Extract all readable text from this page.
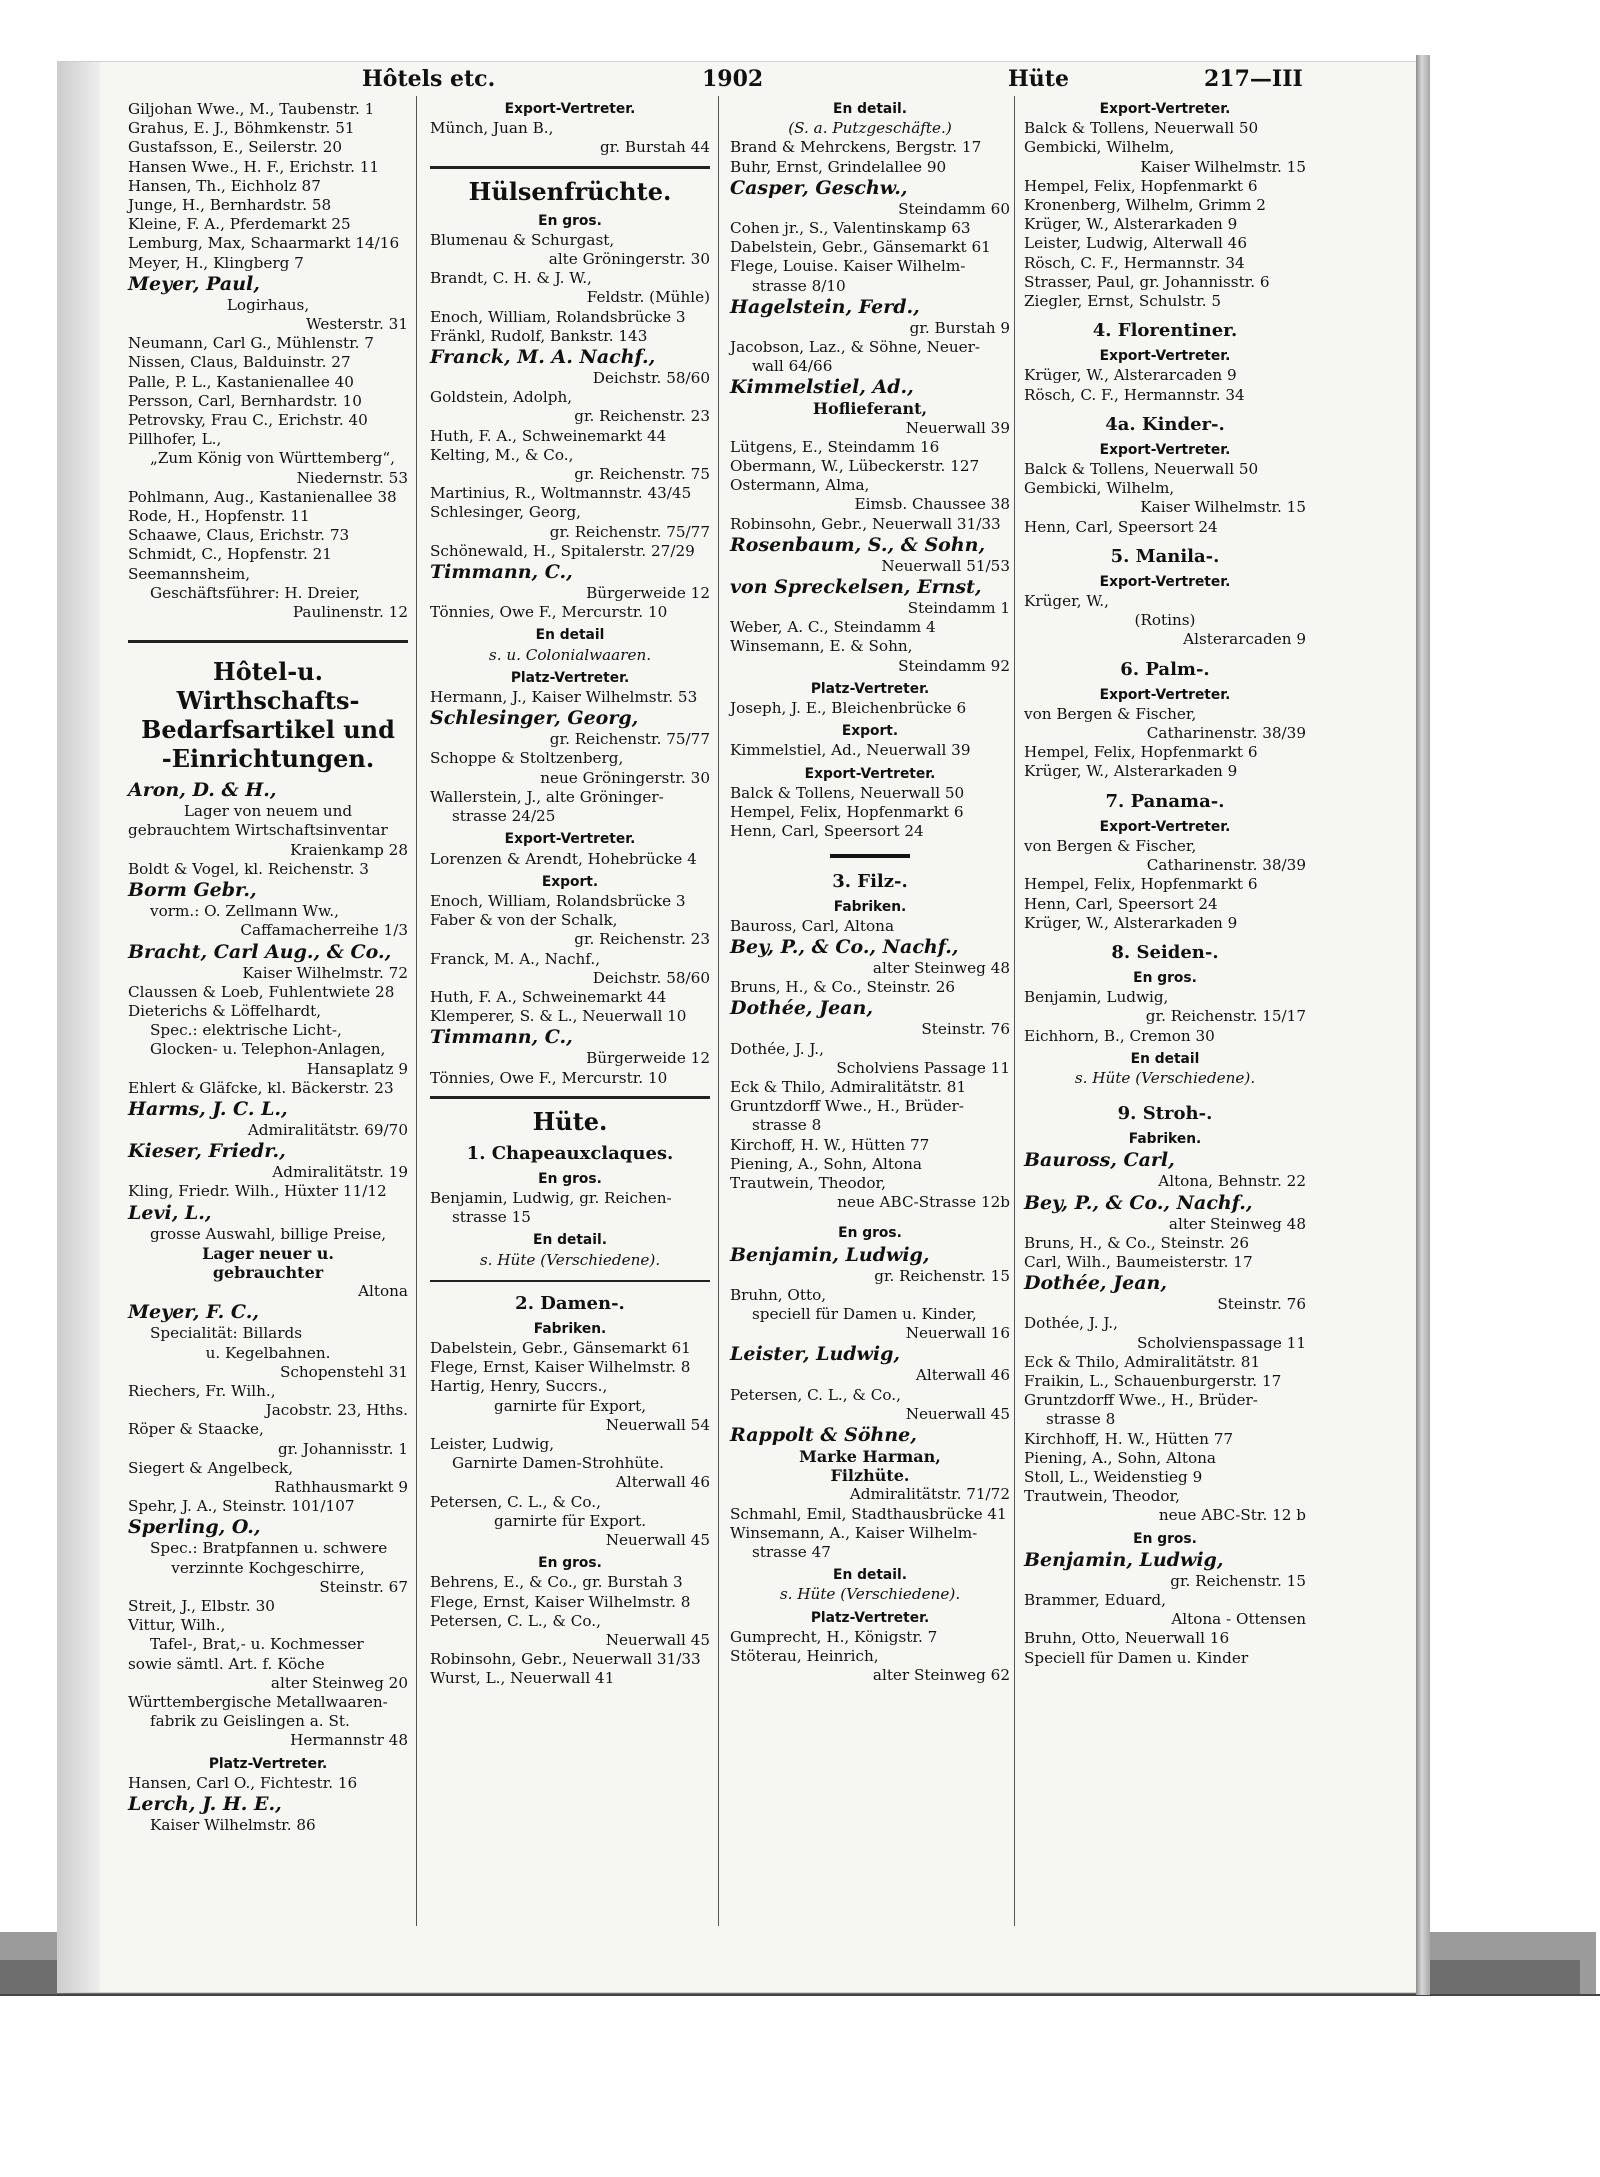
Hôtels etc.	1902	Hüte	217—III
Giljohan Wwe., M., Taubenstr. 1
Grahus, E. J., Böhmkenstr. 51
Gustafsson, E., Seilerstr. 20
Hansen Wwe., H. F., Erichstr. 11
Hansen, Th., Eichholz 87
Junge, H., Bernhardstr. 58
Kleine, F. A., Pferdemarkt 25
Lemburg, Max, Schaarmarkt 14/16
Meyer, H., Klingberg 7
Meyer, Paul,
Logirhaus,
Westerstr. 31
Neumann, Carl G., Mühlenstr. 7
Nissen, Claus, Balduinstr. 27
Palle, P. L., Kastanienallee 40
Persson, Carl, Bernhardstr. 10
Petrovsky, Frau C., Erichstr. 40
Pillhofer, L.,
„Zum König von Württemberg“,
Niedernstr. 53
Pohlmann, Aug., Kastanienallee 38
Rode, H., Hopfenstr. 11
Schaawe, Claus, Erichstr. 73
Schmidt, C., Hopfenstr. 21
Seemannsheim,
Geschäftsführer: H. Dreier,
Paulinenstr. 12
Hôtel-u. Wirthschafts-
Bedarfsartikel und
-Einrichtungen.
Aron, D. & H.,
Lager von neuem und
gebrauchtem Wirtschaftsinventar
Kraienkamp 28
Boldt & Vogel, kl. Reichenstr. 3
Borm Gebr.,
vorm.: O. Zellmann Ww.,
Caffamacherreihe 1/3
Bracht, Carl Aug., & Co.,
Kaiser Wilhelmstr. 72
Claussen & Loeb, Fuhlentwiete 28
Dieterichs & Löffelhardt,
Spec.: elektrische Licht-,
Glocken- u. Telephon-Anlagen,
Hansaplatz 9
Ehlert & Gläfcke, kl. Bäckerstr. 23
Harms, J. C. L.,
Admiralitätstr. 69/70
Kieser, Friedr.,
Admiralitätstr. 19
Kling, Friedr. Wilh., Hüxter 11/12
Levi, L.,
grosse Auswahl, billige Preise,
Lager neuer u.
gebrauchter
Altona
Meyer, F. C.,
Specialität: Billards
u. Kegelbahnen.
Schopenstehl 31
Riechers, Fr. Wilh.,
Jacobstr. 23, Hths.
Röper & Staacke,
gr. Johannisstr. 1
Siegert & Angelbeck,
Rathhausmarkt 9
Spehr, J. A., Steinstr. 101/107
Sperling, O.,
Spec.: Bratpfannen u. schwere
verzinnte Kochgeschirre,
Steinstr. 67
Streit, J., Elbstr. 30
Vittur, Wilh.,
Tafel-, Brat,- u. Kochmesser
sowie sämtl. Art. f. Köche
alter Steinweg 20
Württembergische Metallwaaren-
fabrik zu Geislingen a. St.
Hermannstr 48
Platz-Vertreter.
Hansen, Carl O., Fichtestr. 16
Lerch, J. H. E.,
Kaiser Wilhelmstr. 86
Export-Vertreter.
Münch, Juan B.,
gr. Burstah 44
Hülsenfrüchte.
En gros.
Blumenau & Schurgast,
alte Gröningerstr. 30
Brandt, C. H. & J. W.,
Feldstr. (Mühle)
Enoch, William, Rolandsbrücke 3
Fränkl, Rudolf, Bankstr. 143
Franck, M. A. Nachf.,
Deichstr. 58/60
Goldstein, Adolph,
gr. Reichenstr. 23
Huth, F. A., Schweinemarkt 44
Kelting, M., & Co.,
gr. Reichenstr. 75
Martinius, R., Woltmannstr. 43/45
Schlesinger, Georg,
gr. Reichenstr. 75/77
Schönewald, H., Spitalerstr. 27/29
Timmann, C.,
Bürgerweide 12
Tönnies, Owe F., Mercurstr. 10
En detail
s. u. Colonialwaaren.
Platz-Vertreter.
Hermann, J., Kaiser Wilhelmstr. 53
Schlesinger, Georg,
gr. Reichenstr. 75/77
Schoppe & Stoltzenberg,
neue Gröningerstr. 30
Wallerstein, J., alte Gröninger-
strasse 24/25
Export-Vertreter.
Lorenzen & Arendt, Hohebrücke 4
Export.
Enoch, William, Rolandsbrücke 3
Faber & von der Schalk,
gr. Reichenstr. 23
Franck, M. A., Nachf.,
Deichstr. 58/60
Huth, F. A., Schweinemarkt 44
Klemperer, S. & L., Neuerwall 10
Timmann, C.,
Bürgerweide 12
Tönnies, Owe F., Mercurstr. 10
Hüte.
1. Chapeauxclaques.
En gros.
Benjamin, Ludwig, gr. Reichen-
strasse 15
En detail.
s. Hüte (Verschiedene).
2. Damen-.
Fabriken.
Dabelstein, Gebr., Gänsemarkt 61
Flege, Ernst, Kaiser Wilhelmstr. 8
Hartig, Henry, Succrs.,
garnirte für Export,
Neuerwall 54
Leister, Ludwig,
Garnirte Damen-Strohhüte.
Alterwall 46
Petersen, C. L., & Co.,
garnirte für Export.
Neuerwall 45
En gros.
Behrens, E., & Co., gr. Burstah 3
Flege, Ernst, Kaiser Wilhelmstr. 8
Petersen, C. L., & Co.,
Neuerwall 45
Robinsohn, Gebr., Neuerwall 31/33
Wurst, L., Neuerwall 41
En detail.
(S. a. Putzgeschäfte.)
Brand & Mehrckens, Bergstr. 17
Buhr, Ernst, Grindelallee 90
Casper, Geschw.,
Steindamm 60
Cohen jr., S., Valentinskamp 63
Dabelstein, Gebr., Gänsemarkt 61
Flege, Louise. Kaiser Wilhelm-
strasse 8/10
Hagelstein, Ferd.,
gr. Burstah 9
Jacobson, Laz., & Söhne, Neuer-
wall 64/66
Kimmelstiel, Ad.,
Hoflieferant,
Neuerwall 39
Lütgens, E., Steindamm 16
Obermann, W., Lübeckerstr. 127
Ostermann, Alma,
Eimsb. Chaussee 38
Robinsohn, Gebr., Neuerwall 31/33
Rosenbaum, S., & Sohn,
Neuerwall 51/53
von Spreckelsen, Ernst,
Steindamm 1
Weber, A. C., Steindamm 4
Winsemann, E. & Sohn,
Steindamm 92
Platz-Vertreter.
Joseph, J. E., Bleichenbrücke 6
Export.
Kimmelstiel, Ad., Neuerwall 39
Export-Vertreter.
Balck & Tollens, Neuerwall 50
Hempel, Felix, Hopfenmarkt 6
Henn, Carl, Speersort 24
3. Filz-.
Fabriken.
Bauross, Carl, Altona
Bey, P., & Co., Nachf.,
alter Steinweg 48
Bruns, H., & Co., Steinstr. 26
Dothée, Jean,
Steinstr. 76
Dothée, J. J.,
Scholviens Passage 11
Eck & Thilo, Admiralitätstr. 81
Gruntzdorff Wwe., H., Brüder-
strasse 8
Kirchoff, H. W., Hütten 77
Piening, A., Sohn, Altona
Trautwein, Theodor,
neue ABC-Strasse 12b
En gros.
Benjamin, Ludwig,
gr. Reichenstr. 15
Bruhn, Otto,
speciell für Damen u. Kinder,
Neuerwall 16
Leister, Ludwig,
Alterwall 46
Petersen, C. L., & Co.,
Neuerwall 45
Rappolt & Söhne,
Marke Harman,
Filzhüte.
Admiralitätstr. 71/72
Schmahl, Emil, Stadthausbrücke 41
Winsemann, A., Kaiser Wilhelm-
strasse 47
En detail.
s. Hüte (Verschiedene).
Platz-Vertreter.
Gumprecht, H., Königstr. 7
Stöterau, Heinrich,
alter Steinweg 62
Export-Vertreter.
Balck & Tollens, Neuerwall 50
Gembicki, Wilhelm,
Kaiser Wilhelmstr. 15
Hempel, Felix, Hopfenmarkt 6
Kronenberg, Wilhelm, Grimm 2
Krüger, W., Alsterarkaden 9
Leister, Ludwig, Alterwall 46
Rösch, C. F., Hermannstr. 34
Strasser, Paul, gr. Johannisstr. 6
Ziegler, Ernst, Schulstr. 5
4. Florentiner.
Export-Vertreter.
Krüger, W., Alsterarcaden 9
Rösch, C. F., Hermannstr. 34
4a. Kinder-.
Export-Vertreter.
Balck & Tollens, Neuerwall 50
Gembicki, Wilhelm,
Kaiser Wilhelmstr. 15
Henn, Carl, Speersort 24
5. Manila-.
Export-Vertreter.
Krüger, W.,
(Rotins)
Alsterarcaden 9
6. Palm-.
Export-Vertreter.
von Bergen & Fischer,
Catharinenstr. 38/39
Hempel, Felix, Hopfenmarkt 6
Krüger, W., Alsterarkaden 9
7. Panama-.
Export-Vertreter.
von Bergen & Fischer,
Catharinenstr. 38/39
Hempel, Felix, Hopfenmarkt 6
Henn, Carl, Speersort 24
Krüger, W., Alsterarkaden 9
8. Seiden-.
En gros.
Benjamin, Ludwig,
gr. Reichenstr. 15/17
Eichhorn, B., Cremon 30
En detail
s. Hüte (Verschiedene).
9. Stroh-.
Fabriken.
Bauross, Carl,
Altona, Behnstr. 22
Bey, P., & Co., Nachf.,
alter Steinweg 48
Bruns, H., & Co., Steinstr. 26
Carl, Wilh., Baumeisterstr. 17
Dothée, Jean,
Steinstr. 76
Dothée, J. J.,
Scholvienspassage 11
Eck & Thilo, Admiralitätstr. 81
Fraikin, L., Schauenburgerstr. 17
Gruntzdorff Wwe., H., Brüder-
strasse 8
Kirchhoff, H. W., Hütten 77
Piening, A., Sohn, Altona
Stoll, L., Weidenstieg 9
Trautwein, Theodor,
neue ABC-Str. 12 b
En gros.
Benjamin, Ludwig,
gr. Reichenstr. 15
Brammer, Eduard,
Altona - Ottensen
Bruhn, Otto, Neuerwall 16
Speciell für Damen u. Kinder
